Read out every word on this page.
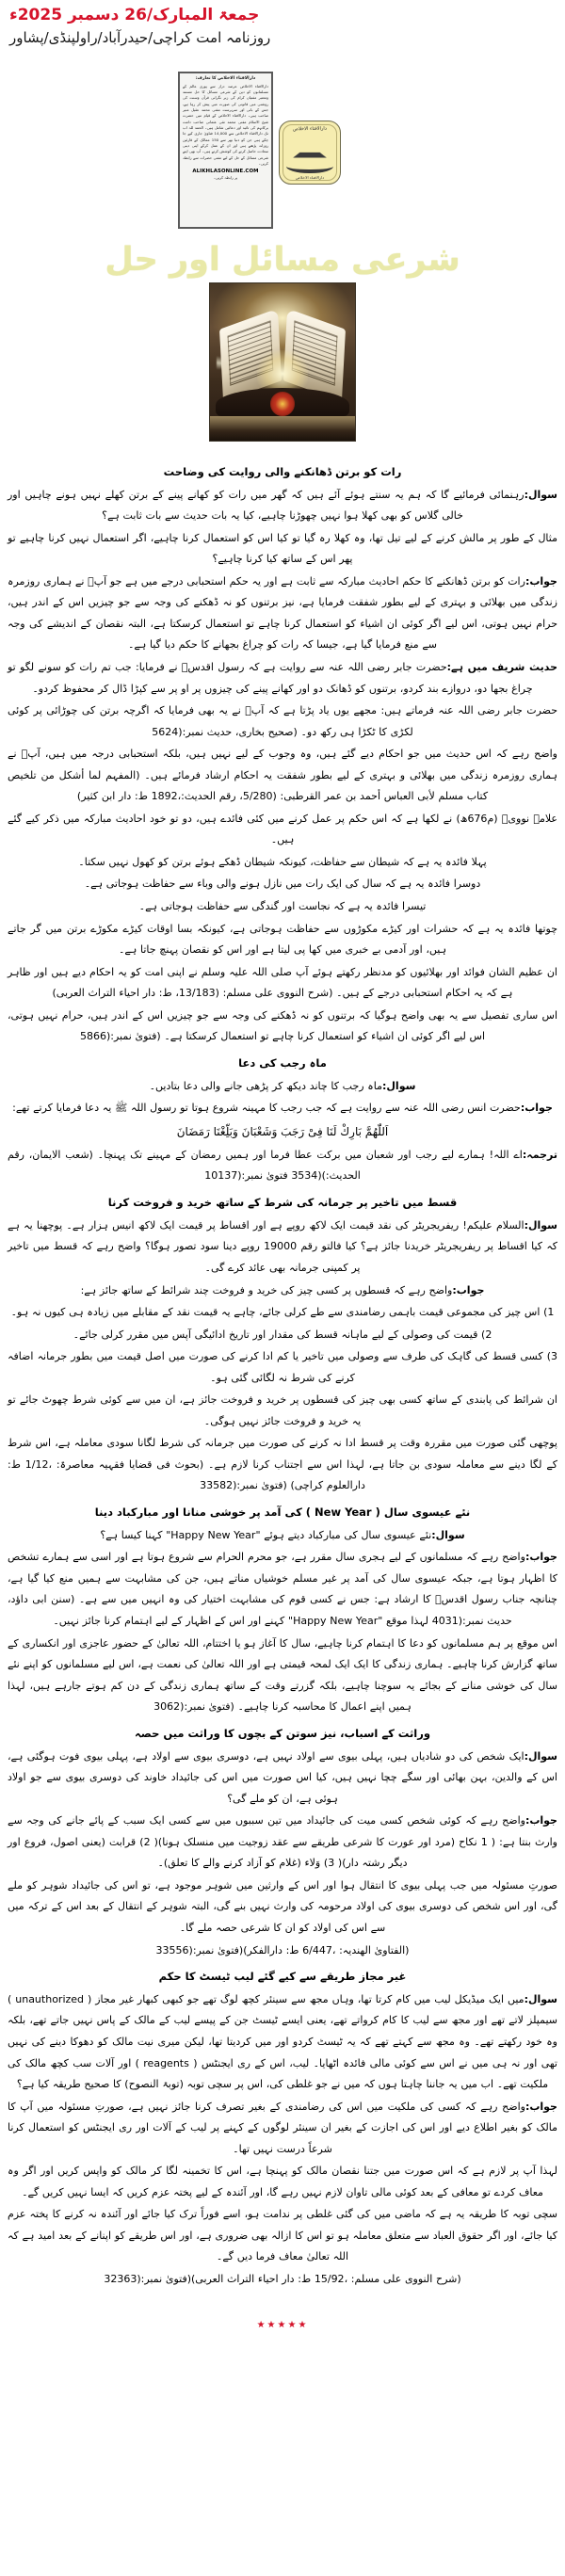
جمعۃ المبارک/26 دسمبر 2025ء
روزنامہ امت کراچی/حیدرآباد/راولپنڈی/پشاور
دارالافتاء الاخلاص کا تعارف:
دارالافتاء الاخلاص عرصہ دراز سے پوری عالم کے مسلمانوں کو دین کے شرعی مسائل کا حل مستند ومعتبر مفتیان کرام کی زیر نگرانی قرآن وسنت کی روشنی میں قانونی کی صورت میں پیش کر رہا ہے، جس کے بانی اور سرپرست مفتی محمد عقیل منیر صاحب ہیں۔ دارالافتاء الاخلاص کے قیام میں حضرت شیخ الاسلام مفتی محمد تقی عثمانی صاحب دامت برکاتہم کی تائید اور دعائیں شامل ہیں۔ الحمد للہ اب تک دارالافتاء الاخلاص سے 14,000 فتاویٰ جاری کیے جا چکے ہیں جن کو دنیا بھر سے 150 ممالک کے قارئین روزانہ پڑھتے ہیں اور ان کے عمل کرکے اپنی دینی سعادت حاصل کرتے کی کوشش کرتے ہیں۔ آپ بھی اپنے شرعی مسائل کے حل کے لیے مفتی حضرات سے رابطہ کریں۔
ALIKHLASONLINE.COM
پر رابطہ کریں۔
دارالافتاء الاخلاص
دارالافتاء الاخلاص
شرعی مسائل اور حل
رات کو برتن ڈھانکنے والی روایت کی وضاحت

سوال:رہنمائی فرمائیے گا کہ ہم یہ سنتے ہوئے آئے ہیں کہ گھر میں رات کو کھانے پینے کے برتن کھلے نہیں ہونے چاہیں اور خالی گلاس کو بھی کھلا ہوا نہیں چھوڑنا چاہیے، کیا یہ بات حدیث سے بات ثابت ہے؟

مثال کے طور پر مالش کرنے کے لیے تیل تھا، وہ کھلا رہ گیا تو کیا اس کو استعمال کرنا چاہیے، اگر استعمال نہیں کرنا چاہیے تو پھر اس کے ساتھ کیا کرنا چاہیے؟

جواب:رات کو برتن ڈھانکنے کا حکم احادیث مبارکہ سے ثابت ہے اور یہ حکم استحبابی درجے میں ہے جو آپؐ نے ہماری روزمرہ زندگی میں بھلائی و بہتری کے لیے بطور شفقت فرمایا ہے، نیز برتنوں کو نہ ڈھکنے کی وجہ سے جو چیزیں اس کے اندر ہیں، حرام نہیں ہوتی، اس لیے اگر کوئی ان اشیاء کو استعمال کرنا چاہے تو استعمال کرسکتا ہے، البتہ نقصان کے اندیشے کی وجہ سے منع فرمایا گیا ہے، جیسا کہ رات کو چراغ بجھانے کا حکم دیا گیا ہے۔

حدیث شریف میں ہے:حضرت جابر رضی اللہ عنہ سے روایت ہے کہ رسول اقدسؐ نے فرمایا: جب تم رات کو سونے لگو تو چراغ بجھا دو، دروازے بند کردو، برتنوں کو ڈھانک دو اور کھانے پینے کی چیزوں پر او پر سے کپڑا ڈال کر محفوظ کردو۔

حضرت جابر رضی اللہ عنہ فرماتے ہیں: مجھے یوں یاد پڑتا ہے کہ آپؐ نے یہ بھی فرمایا کہ اگرچہ برتن کی چوڑائی پر کوئی لکڑی کا ٹکڑا ہی رکھ دو۔ (صحیح بخاری، حدیث نمبر:(5624

واضح رہے کہ اس حدیث میں جو احکام دیے گئے ہیں، وہ وجوب کے لیے نہیں ہیں، بلکہ استحبابی درجہ میں ہیں، آپؐ نے ہماری روزمرہ زندگی میں بھلائی و بہتری کے لیے بطور شفقت یہ احکام ارشاد فرمائے ہیں۔ (المفہم لما أشکل من تلخیص کتاب مسلم لأبی العباس أحمد بن عمر القرطبی: (5/280، رقم الحدیث:،1892 ط: دار ابن کثیر)

علامہ نوویؒ (م676ھ) نے لکھا ہے کہ اس حکم پر عمل کرنے میں کئی فائدے ہیں، دو تو خود احادیث مبارکہ میں ذکر کیے گئے ہیں۔

پہلا فائدہ یہ ہے کہ شیطان سے حفاظت، کیونکہ شیطان ڈھکے ہوئے برتن کو کھول نہیں سکتا۔

دوسرا فائدہ یہ ہے کہ سال کی ایک رات میں نازل ہونے والی وباء سے حفاظت ہوجاتی ہے۔

تیسرا فائدہ یہ ہے کہ نجاست اور گندگی سے حفاظت ہوجاتی ہے۔

چوتھا فائدہ یہ ہے کہ حشرات اور کیڑے مکوڑوں سے حفاظت ہوجاتی ہے، کیونکہ بسا اوقات کیڑے مکوڑے برتن میں گر جاتے ہیں، اور آدمی بے خبری میں کھا پی لیتا ہے اور اس کو نقصان پہنچ جاتا ہے۔

ان عظیم الشان فوائد اور بھلائیوں کو مدنظر رکھتے ہوئے آپ صلی اللہ علیہ وسلم نے اپنی امت کو یہ احکام دیے ہیں اور ظاہر ہے کہ یہ احکام استحبابی درجے کے ہیں۔ (شرح النووی علی مسلم: (13/183، ط: دار احیاء التراث العربی)

اس ساری تفصیل سے یہ بھی واضح ہوگیا کہ برتنوں کو نہ ڈھکنے کی وجہ سے جو چیزیں اس کے اندر ہیں، حرام نہیں ہوتی، اس لیے اگر کوئی ان اشیاء کو استعمال کرنا چاہے تو استعمال کرسکتا ہے۔ (فتویٰ نمبر:(5866

ماہ رجب کی دعا

سوال:ماہ رجب کا چاند دیکھ کر پڑھی جانے والی دعا بتادیں۔

جواب:حضرت انس رضی اللہ عنہ سے روایت ہے کہ جب رجب کا مہینہ شروع ہوتا تو رسول اللہ ﷺ یہ دعا فرمایا کرتے تھے:

اَللّٰهُمَّ بَارِكْ لَنَا فِیْ رَجَبَ وَشَعْبَانَ وَبَلِّغْنَا رَمَضَانَ

ترجمہ:اے اللہ! ہمارے لیے رجب اور شعبان میں برکت عطا فرما اور ہمیں رمضان کے مہینے تک پہنچا۔ (شعب الایمان، رقم الحدیث:)(3534 فتویٰ نمبر:(10137

قسط میں تاخیر پر جرمانہ کی شرط کے ساتھ خرید و فروخت کرنا

سوال:السلام علیکم! ریفریجریٹر کی نقد قیمت ایک لاکھ روپے ہے اور اقساط پر قیمت ایک لاکھ انیس ہزار ہے۔ پوچھنا یہ ہے کہ کیا اقساط پر ریفریجریٹر خریدنا جائز ہے؟ کیا فالتو رقم 19000 روپے دینا سود تصور ہوگا؟ واضح رہے کہ قسط میں تاخیر پر کمپنی جرمانہ بھی عائد کرے گی۔

جواب:واضح رہے کہ قسطوں پر کسی چیز کی خرید و فروخت چند شرائط کے ساتھ جائز ہے:

1) اس چیز کی مجموعی قیمت باہمی رضامندی سے طے کرلی جائے، چاہے یہ قیمت نقد کے مقابلے میں زیادہ ہی کیوں نہ ہو۔

2) قیمت کی وصولی کے لیے ماہانہ قسط کی مقدار اور تاریخ ادائیگی آپس میں مقرر کرلی جائے۔

3) کسی قسط کی گاہک کی طرف سے وصولی میں تاخیر یا کم ادا کرنے کی صورت میں اصل قیمت میں بطور جرمانہ اضافہ کرنے کی شرط نہ لگائی گئی ہو۔

ان شرائط کی پابندی کے ساتھ کسی بھی چیز کی قسطوں پر خرید و فروخت جائز ہے، ان میں سے کوئی شرط چھوٹ جائے تو یہ خرید و فروخت جائز نہیں ہوگی۔

پوچھی گئی صورت میں مقررہ وقت پر قسط ادا نہ کرنے کی صورت میں جرمانہ کی شرط لگانا سودی معاملہ ہے، اس شرط کے لگا دینے سے معاملہ سودی بن جاتا ہے، لہذا اس سے اجتناب کرنا لازم ہے۔ (بحوث فی قضایا فقہیہ معاصرۃ: ،1/12 ط: دارالعلوم کراچی) (فتویٰ نمبر:(33582

نئے عیسوی سال ( New Year ) کی آمد پر خوشی منانا اور مبارکباد دینا

سوال:نئے عیسوی سال کی مبارکباد دیتے ہوئے "Happy New Year" کہنا کیسا ہے؟

جواب:واضح رہے کہ مسلمانوں کے لیے ہجری سال مقرر ہے، جو محرم الحرام سے شروع ہوتا ہے اور اسی سے ہمارے تشخص کا اظہار ہوتا ہے، جبکہ عیسوی سال کی آمد پر غیر مسلم خوشیاں مناتے ہیں، جن کی مشابہت سے ہمیں منع کیا گیا ہے، چنانچہ جناب رسول اقدسؐ کا ارشاد ہے: جس نے کسی قوم کی مشابہت اختیار کی وہ انہیں میں سے ہے۔ (سنن ابی داؤد، حدیث نمبر:(4031 لہذا موقع "Happy New Year" کہنے اور اس کے اظہار کے لیے اہتمام کرنا جائز نہیں۔

اس موقع پر ہم مسلمانوں کو دعا کا اہتمام کرنا چاہیے، سال کا آغاز ہو یا اختتام، اللہ تعالیٰ کے حضور عاجزی اور انکساری کے ساتھ گزارش کرنا چاہیے۔ ہماری زندگی کا ایک ایک لمحہ قیمتی ہے اور اللہ تعالیٰ کی نعمت ہے، اس لیے مسلمانوں کو اپنے نئے سال کی خوشی منانے کے بجائے یہ سوچنا چاہیے، بلکہ گزرتے وقت کے ساتھ ہماری زندگی کے دن کم ہوتے جارہے ہیں، لہذا ہمیں اپنے اعمال کا محاسبہ کرنا چاہیے۔ (فتویٰ نمبر:(3062

وراثت کے اسباب، نیز سوتن کے بچوں کا وراثت میں حصہ

سوال:ایک شخص کی دو شادیاں ہیں، پہلی بیوی سے اولاد نہیں ہے، دوسری بیوی سے اولاد ہے، پہلی بیوی فوت ہوگئی ہے، اس کے والدین، بہن بھائی اور سگے چچا نہیں ہیں، کیا اس صورت میں اس کی جائیداد خاوند کی دوسری بیوی سے جو اولاد ہوئی ہے، ان کو ملے گی؟

جواب:واضح رہے کہ کوئی شخص کسی میت کی جائیداد میں تین سببوں میں سے کسی ایک سبب کے پائے جانے کی وجہ سے وارث بنتا ہے: ( 1 نکاح (مرد اور عورت کا شرعی طریقے سے عقد زوجیت میں منسلک ہونا)( 2) قرابت (یعنی اصول، فروع اور دیگر رشتہ دار)( 3) وَلاء (غلام کو آزاد کرنے والے کا تعلق)۔

صورتِ مسئولہ میں جب پہلی بیوی کا انتقال ہوا اور اس کے وارثین میں شوہر موجود ہے، تو اس کی جائیداد شوہر کو ملے گی، اور اس شخص کی دوسری بیوی کی اولاد مرحومہ کی وارث نہیں بنے گی، البتہ شوہر کے انتقال کے بعد اس کے ترکہ میں سے اس کی اولاد کو ان کا شرعی حصہ ملے گا۔

(الفتاویٰ الھندیہ: ،6/447 ط: دارالفکر)(فتویٰ نمبر:(33556

غیر مجاز طریقے سے کیے گئے لیب ٹیسٹ کا حکم

سوال:میں ایک میڈیکل لیب میں کام کرتا تھا، وہاں مجھ سے سینئر کچھ لوگ تھے جو کبھی کبھار غیر مجاز ( unauthorized ) سیمپلز لاتے تھے اور مجھ سے لیب کا کام کرواتے تھے، یعنی ایسے ٹیسٹ جن کے پیسے لیب کے مالک کے پاس نہیں جاتے تھے، بلکہ وہ خود رکھتے تھے۔ وہ مجھ سے کہتے تھے کہ یہ ٹیسٹ کردو اور میں کردیتا تھا، لیکن میری نیت مالک کو دھوکا دینے کی نہیں تھی اور نہ ہی میں نے اس سے کوئی مالی فائدہ اٹھایا۔ لیب، اس کے ری ایجنٹس ( reagents ) اور آلات سب کچھ مالک کی ملکیت تھے۔ اب میں یہ جاننا چاہتا ہوں کہ میں نے جو غلطی کی، اس پر سچی توبہ (توبۃ النصوح) کا صحیح طریقہ کیا ہے؟

جواب:واضح رہے کہ کسی کی ملکیت میں اس کی رضامندی کے بغیر تصرف کرنا جائز نہیں ہے، صورتِ مسئولہ میں آپ کا مالک کو بغیر اطلاع دیے اور اس کی اجازت کے بغیر ان سینئر لوگوں کے کہنے پر لیب کے آلات اور ری ایجنٹس کو استعمال کرنا شرعاً درست نہیں تھا۔

لہذا آپ پر لازم ہے کہ اس صورت میں جتنا نقصان مالک کو پہنچا ہے، اس کا تخمینہ لگا کر مالک کو واپس کریں اور اگر وہ معاف کردے تو معافی کے بعد کوئی مالی تاوان لازم نہیں رہے گا، اور آئندہ کے لیے پختہ عزم کریں کہ ایسا نہیں کریں گے۔

سچی توبہ کا طریقہ یہ ہے کہ ماضی میں کی گئی غلطی پر ندامت ہو، اسے فوراً ترک کیا جائے اور آئندہ نہ کرنے کا پختہ عزم کیا جائے، اور اگر حقوق العباد سے متعلق معاملہ ہو تو اس کا ازالہ بھی ضروری ہے، اور اس طریقے کو اپنانے کے بعد امید ہے کہ اللہ تعالیٰ معاف فرما دیں گے۔

(شرح النووی علی مسلم: ،15/92 ط: دار احیاء التراث العربی)(فتویٰ نمبر:(32363

★★★★★
